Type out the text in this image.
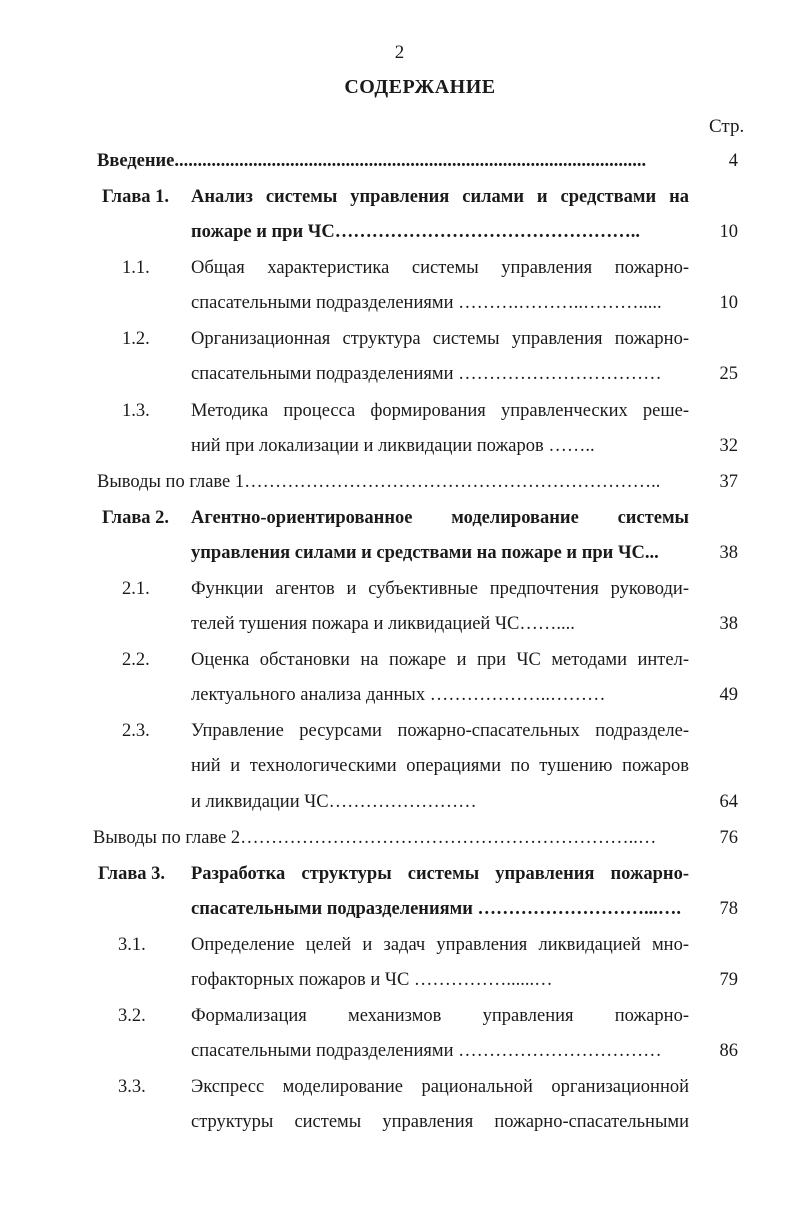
2
СОДЕРЖАНИЕ
Стр.
Введение......................................................................................................	4
Глава 1. Анализ системы управления силами и средствами на
пожаре и при ЧС…………………………………………..	10
1.1. Общая характеристика системы управления пожарно-
спасательными подразделениями ……….………..……….....	10
1.2. Организационная структура системы управления пожарно-
спасательными подразделениями ……………………………	25
1.3. Методика процесса формирования управленческих реше-
ний при локализации и ликвидации пожаров ……..	32
Выводы по главе 1…………………………………………………………..	37
Глава 2. Агентно-ориентированное моделирование системы
управления силами и средствами на пожаре и при ЧС...	38
2.1. Функции агентов и субъективные предпочтения руководи-
телей тушения пожара и ликвидацией ЧС……....	38
2.2. Оценка обстановки на пожаре и при ЧС методами интел-
лектуального анализа данных ………………..………	49
2.3. Управление ресурсами пожарно-спасательных подразделе-
ний и технологическими операциями по тушению пожаров
и ликвидации ЧС……………………	64
Выводы по главе 2………………………………………………………..…	76
Глава 3. Разработка структуры системы управления пожарно-
спасательными подразделениями ………………………...….	78
3.1. Определение целей и задач управления ликвидацией мно-
гофакторных пожаров и ЧС ……………......…	79
3.2. Формализация механизмов управления пожарно-
спасательными подразделениями ……………………………	86
3.3. Экспресс моделирование рациональной организационной
структуры системы управления пожарно-спасательными
